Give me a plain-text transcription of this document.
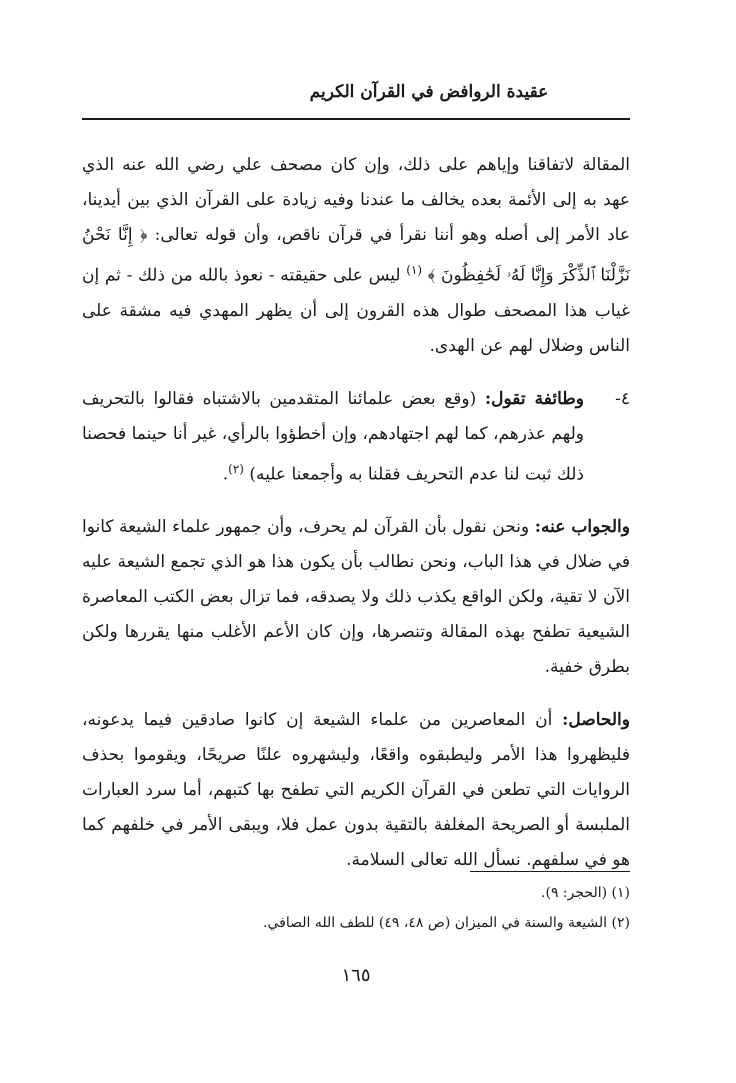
عقيدة الروافض في القرآن الكريم

المقالة لاتفاقنا وإياهم على ذلك، وإن كان مصحف علي رضي الله عنه الذي عهد به إلى الأئمة بعده يخالف ما عندنا وفيه زيادة على القرآن الذي بين أيدينا، عاد الأمر إلى أصله وهو أننا نقرأ في قرآن ناقص، وأن قوله تعالى: ﴿ إِنَّا نَحْنُ نَزَّلْنَا ٱلذِّكْرَ وَإِنَّا لَهُۥ لَحَٰفِظُونَ ﴾ $^{(١)}$ ليس على حقيقته - نعوذ بالله من ذلك - ثم إن غياب هذا المصحف طوال هذه القرون إلى أن يظهر المهدي فيه مشقة على الناس وضلال لهم عن الهدى.

٤-
وطائفة تقول: (وقع بعض علمائنا المتقدمين بالاشتباه فقالوا بالتحريف ولهم عذرهم، كما لهم اجتهادهم، وإن أخطؤوا بالرأي، غير أنا حينما فحصنا ذلك ثبت لنا عدم التحريف فقلنا به وأجمعنا عليه) $^{(٢)}$.

والجواب عنه: ونحن نقول بأن القرآن لم يحرف، وأن جمهور علماء الشيعة كانوا في ضلال في هذا الباب، ونحن نطالب بأن يكون هذا هو الذي تجمع الشيعة عليه الآن لا تقية، ولكن الواقع يكذب ذلك ولا يصدقه، فما تزال بعض الكتب المعاصرة الشيعية تطفح بهذه المقالة وتنصرها، وإن كان الأعم الأغلب منها يقررها ولكن بطرق خفية.

والحاصل: أن المعاصرين من علماء الشيعة إن كانوا صادقين فيما يدعونه، فليظهروا هذا الأمر وليطبقوه واقعًا، وليشهروه علنًا صريحًا، ويقوموا بحذف الروايات التي تطعن في القرآن الكريم التي تطفح بها كتبهم، أما سرد العبارات الملبسة أو الصريحة المغلفة بالتقية بدون عمل فلا، ويبقى الأمر في خلفهم كما هو في سلفهم. نسأل الله تعالى السلامة.

(١) (الحجر: ٩).

(٢) الشيعة والسنة في الميزان (ص ٤٨، ٤٩) للطف الله الصافي.

١٦٥
